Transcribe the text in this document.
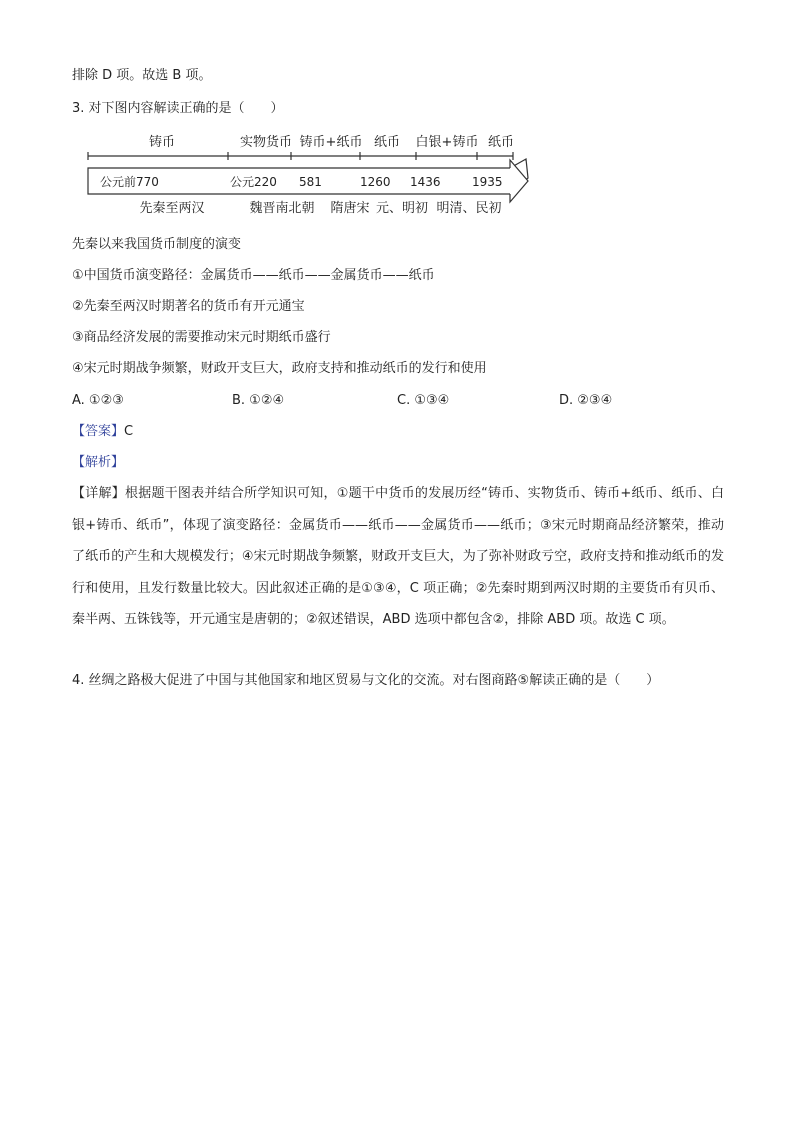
排除 D 项。故选 B 项。
3. 对下图内容解读正确的是（　　）
铸币	实物货币 铸币+纸币 纸币 白银+铸币 纸币
公元前770	公元220 581	1260 1436	1935
先秦至两汉	魏晋南北朝 隋唐宋 元、明初 明清、民初
先秦以来我国货币制度的演变
①中国货币演变路径：金属货币——纸币——金属货币——纸币
②先秦至两汉时期著名的货币有开元通宝
③商品经济发展的需要推动宋元时期纸币盛行
④宋元时期战争频繁，财政开支巨大，政府支持和推动纸币的发行和使用
A. ①②③	B. ①②④	C. ①③④	D. ②③④
【答案】C
【解析】
【详解】根据题干图表并结合所学知识可知，①题干中货币的发展历经“铸币、实物货币、铸币+纸币、纸币、白银+铸币、纸币”，体现了演变路径：金属货币——纸币——金属货币——纸币；③宋元时期商品经济繁荣，推动了纸币的产生和大规模发行；④宋元时期战争频繁，财政开支巨大，为了弥补财政亏空，政府支持和推动纸币的发行和使用，且发行数量比较大。因此叙述正确的是①③④，C 项正确；②先秦时期到两汉时期的主要货币有贝币、秦半两、五铢钱等，开元通宝是唐朝的；②叙述错误，ABD 选项中都包含②，排除 ABD 项。故选 C 项。
4. 丝绸之路极大促进了中国与其他国家和地区贸易与文化的交流。对右图商路⑤解读正确的是（　　）
